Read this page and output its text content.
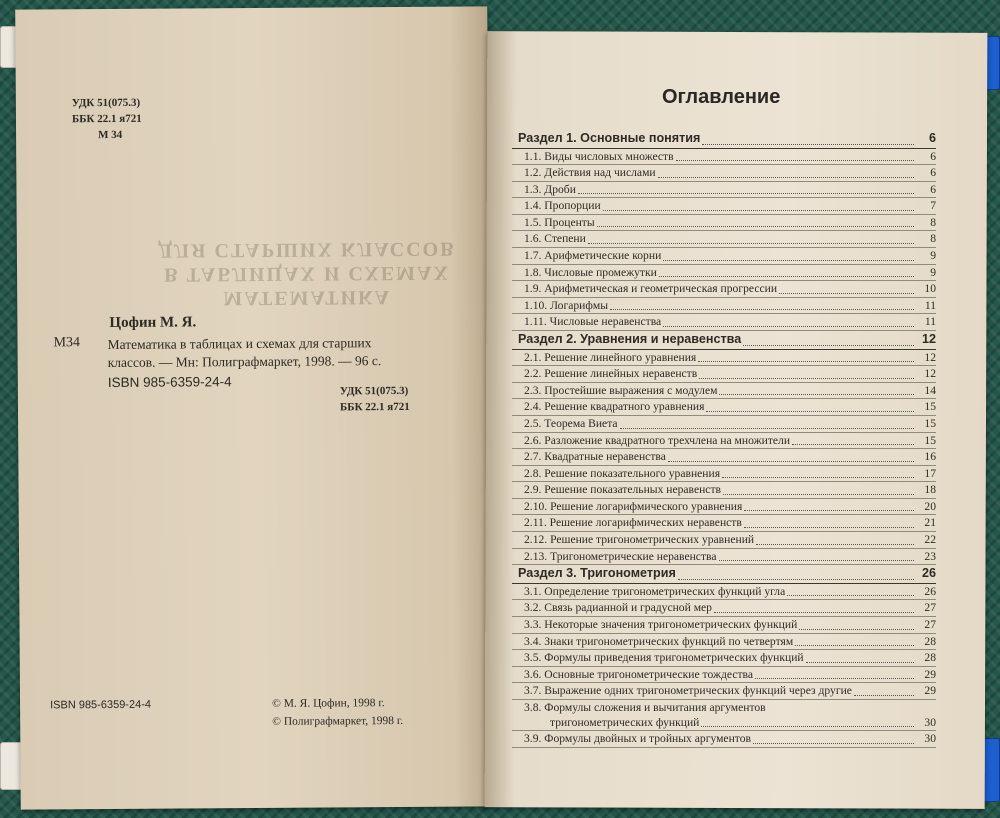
УДК 51(075.3)
ББК 22.1 я721
М 34
МАТЕМАТИКА
В ТАБЛИЦАХ И СХЕМАХ
ДЛЯ СТАРШИХ КЛАССОВ
Цофин М. Я.
М34 Математика в таблицах и схемах для старших
классов. — Мн: Полиграфмаркет, 1998. — 96 с.
ISBN 985-6359-24-4
УДК 51(075.3)
ББК 22.1 я721
ISBN 985-6359-24-4	© М. Я. Цофин, 1998 г.
© Полиграфмаркет, 1998 г.
Оглавление
Раздел 1. Основные понятия	6
1.1. Виды числовых множеств	6
1.2. Действия над числами	6
1.3. Дроби	6
1.4. Пропорции	7
1.5. Проценты	8
1.6. Степени	8
1.7. Арифметические корни	9
1.8. Числовые промежутки	9
1.9. Арифметическая и геометрическая прогрессии	10
1.10. Логарифмы	11
1.11. Числовые неравенства	11
Раздел 2. Уравнения и неравенства	12
2.1. Решение линейного уравнения	12
2.2. Решение линейных неравенств	12
2.3. Простейшие выражения с модулем	14
2.4. Решение квадратного уравнения	15
2.5. Теорема Виета	15
2.6. Разложение квадратного трехчлена на множители	15
2.7. Квадратные неравенства	16
2.8. Решение показательного уравнения	17
2.9. Решение показательных неравенств	18
2.10. Решение логарифмического уравнения	20
2.11. Решение логарифмических неравенств	21
2.12. Решение тригонометрических уравнений	22
2.13. Тригонометрические неравенства	23
Раздел 3. Тригонометрия	26
3.1. Определение тригонометрических функций угла	26
3.2. Связь радианной и градусной мер	27
3.3. Некоторые значения тригонометрических функций	27
3.4. Знаки тригонометрических функций по четвертям	28
3.5. Формулы приведения тригонометрических функций	28
3.6. Основные тригонометрические тождества	29
3.7. Выражение одних тригонометрических функций через другие	29
3.8. Формулы сложения и вычитания аргументов
тригонометрических функций	30
3.9. Формулы двойных и тройных аргументов	30
